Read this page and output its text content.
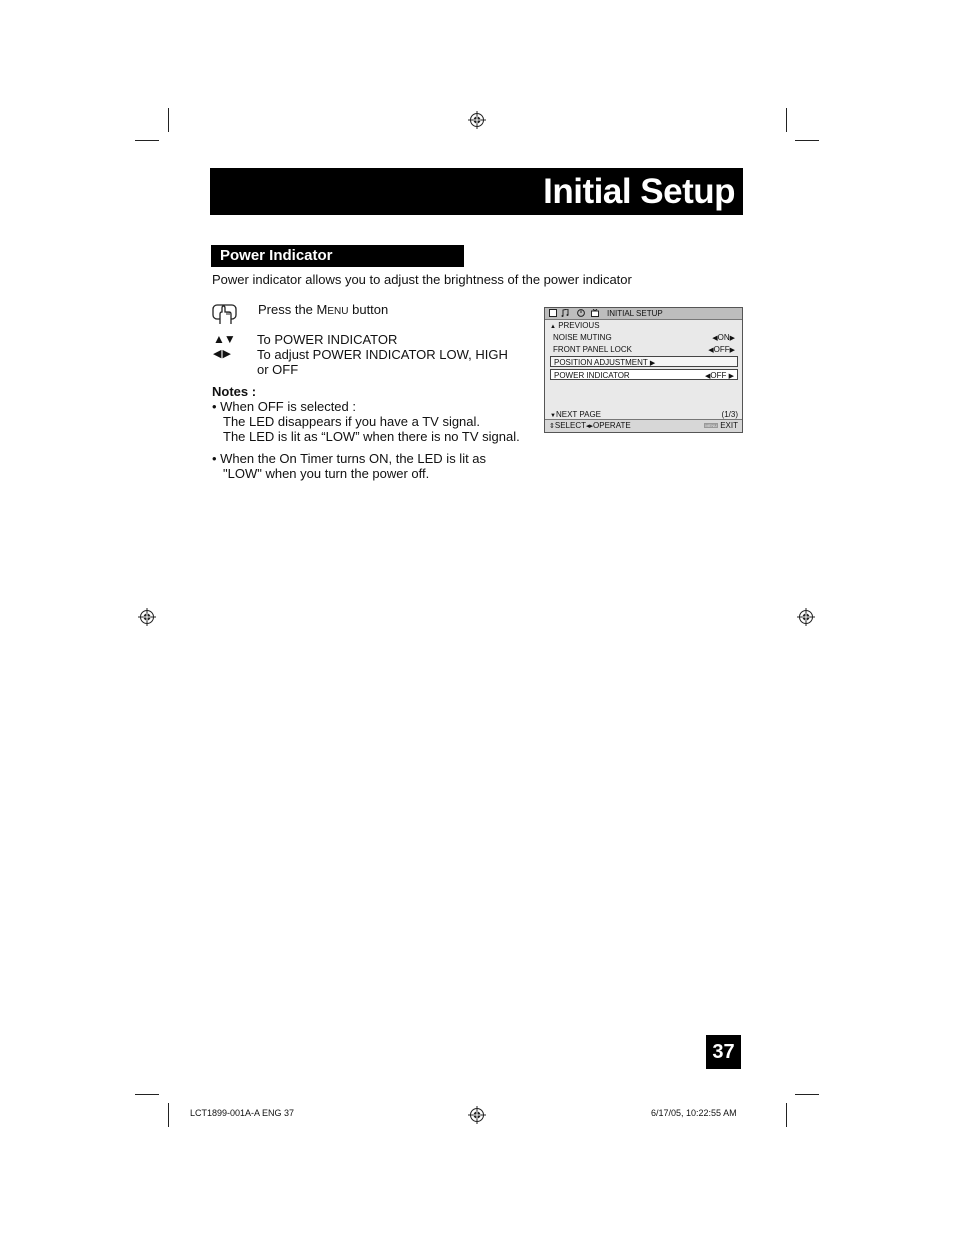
Initial Setup
Power Indicator
Power indicator allows you to adjust the brightness of the power indicator
Press the MENU button
▲▼ To POWER INDICATOR
◀ ▶ To adjust POWER INDICATOR LOW, HIGH
or OFF
Notes :
• When OFF is selected :
The LED disappears if you have a TV signal.
The LED is lit as “LOW” when there is no TV signal.
• When the On Timer turns ON, the LED is lit as
"LOW" when you turn the power off.
INITIAL SETUP
▲ PREVIOUS
NOISE MUTING	◀ON▶
FRONT PANEL LOCK	◀OFF▶
POSITION ADJUSTMENT ▶
POWER INDICATOR	◀OFF ▶
▼NEXT PAGE	(1/3)
⇕SELECT◂▸OPERATE	MENU EXIT
37
LCT1899-001A-A ENG 37	6/17/05, 10:22:55 AM
